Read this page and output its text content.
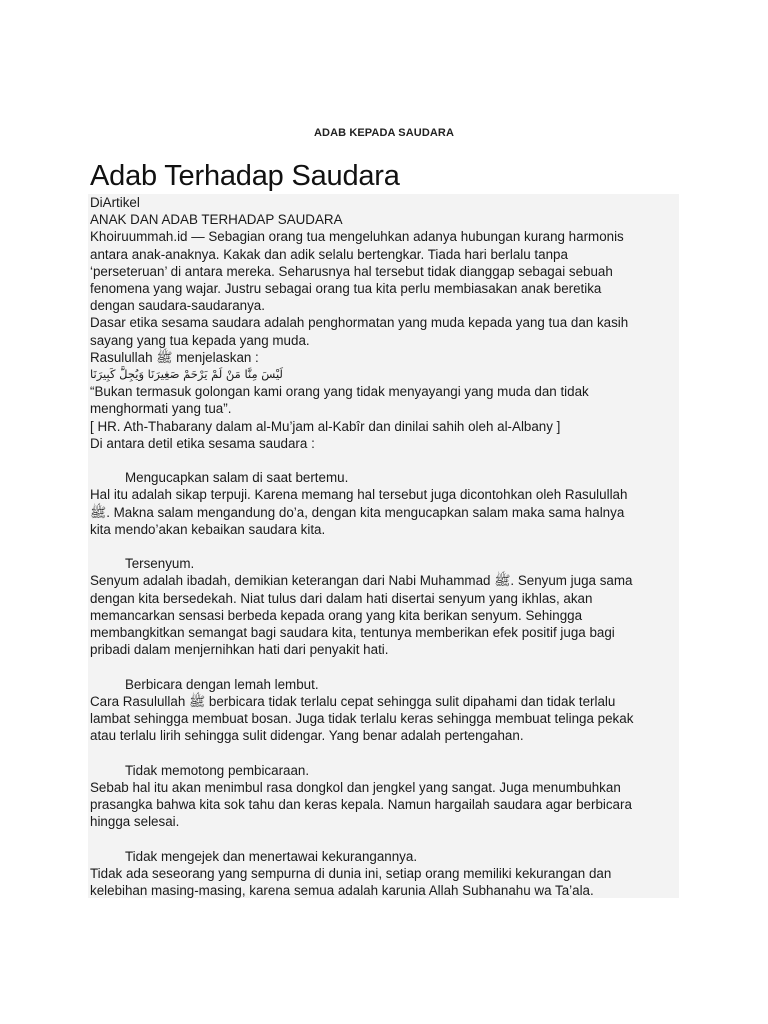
ADAB KEPADA SAUDARA
Adab Terhadap Saudara

DiArtikel

ANAK DAN ADAB TERHADAP SAUDARA

Khoiruummah.id — Sebagian orang tua mengeluhkan adanya hubungan kurang harmonis

antara anak-anaknya. Kakak dan adik selalu bertengkar. Tiada hari berlalu tanpa

‘perseteruan’ di antara mereka. Seharusnya hal tersebut tidak dianggap sebagai sebuah

fenomena yang wajar. Justru sebagai orang tua kita perlu membiasakan anak beretika

dengan saudara-saudaranya.

Dasar etika sesama saudara adalah penghormatan yang muda kepada yang tua dan kasih

sayang yang tua kepada yang muda.

Rasulullah ﷺ menjelaskan :

لَيْسَ مِنَّا مَنْ لَمْ يَرْحَمْ صَغِيرَنَا وَيُجِلَّ كَبِيرَنَا

“Bukan termasuk golongan kami orang yang tidak menyayangi yang muda dan tidak

menghormati yang tua”.

[ HR. Ath-Thabarany dalam al-Mu’jam al-Kabîr dan dinilai sahih oleh al-Albany ]

Di antara detil etika sesama saudara :

Mengucapkan salam di saat bertemu.

Hal itu adalah sikap terpuji. Karena memang hal tersebut juga dicontohkan oleh Rasulullah

ﷺ. Makna salam mengandung do’a, dengan kita mengucapkan salam maka sama halnya

kita mendo’akan kebaikan saudara kita.

Tersenyum.

Senyum adalah ibadah, demikian keterangan dari Nabi Muhammad ﷺ. Senyum juga sama

dengan kita bersedekah. Niat tulus dari dalam hati disertai senyum yang ikhlas, akan

memancarkan sensasi berbeda kepada orang yang kita berikan senyum. Sehingga

membangkitkan semangat bagi saudara kita, tentunya memberikan efek positif juga bagi

pribadi dalam menjernihkan hati dari penyakit hati.

Berbicara dengan lemah lembut.

Cara Rasulullah ﷺ berbicara tidak terlalu cepat sehingga sulit dipahami dan tidak terlalu

lambat sehingga membuat bosan. Juga tidak terlalu keras sehingga membuat telinga pekak

atau terlalu lirih sehingga sulit didengar. Yang benar adalah pertengahan.

Tidak memotong pembicaraan.

Sebab hal itu akan menimbul rasa dongkol dan jengkel yang sangat. Juga menumbuhkan

prasangka bahwa kita sok tahu dan keras kepala. Namun hargailah saudara agar berbicara

hingga selesai.

Tidak mengejek dan menertawai kekurangannya.

Tidak ada seseorang yang sempurna di dunia ini, setiap orang memiliki kekurangan dan

kelebihan masing-masing, karena semua adalah karunia Allah Subhanahu wa Ta’ala.
